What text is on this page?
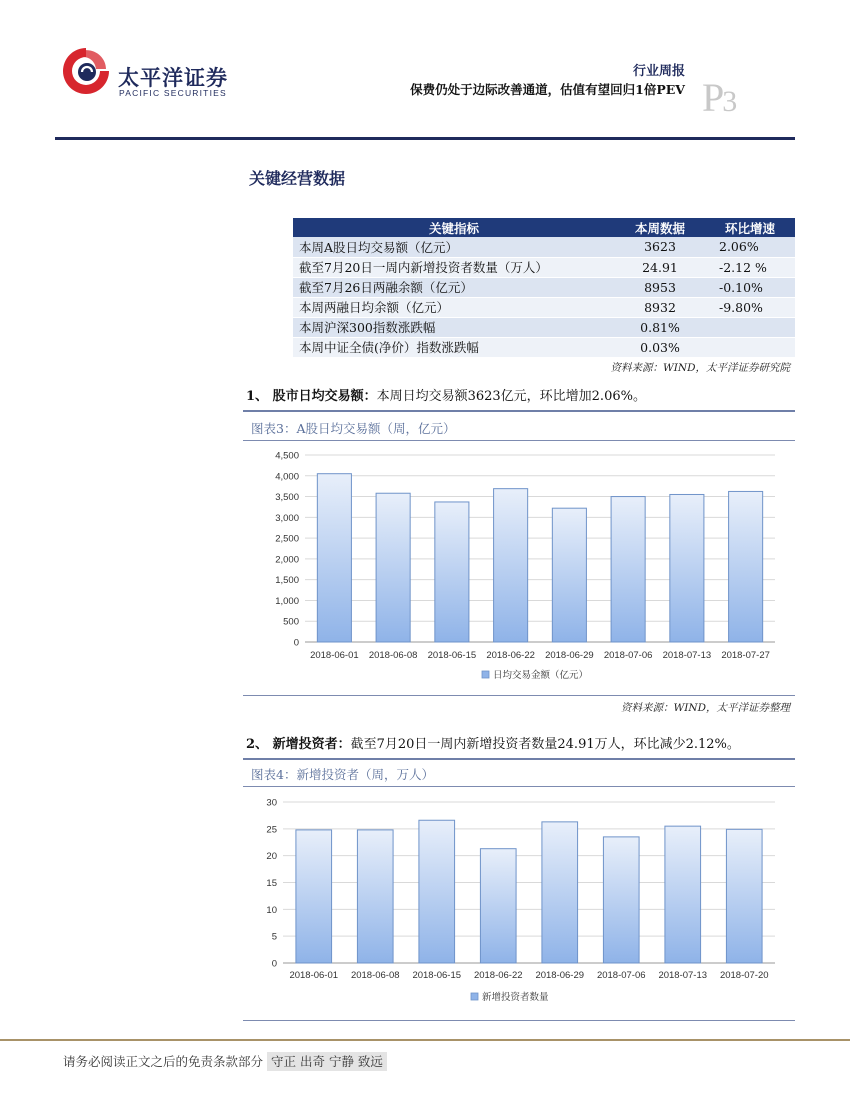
太平洋证券
PACIFIC SECURITIES
行业周报
保费仍处于边际改善通道，估值有望回归1倍PEV P3
关键经营数据
关键指标	本周数据	环比增速
本周A股日均交易额（亿元）	3623	2.06%
截至7月20日一周内新增投资者数量（万人）	24.91	-2.12 %
截至7月26日两融余额（亿元）	8953	-0.10%
本周两融日均余额（亿元）	8932	-9.80%
本周沪深300指数涨跌幅	0.81%	
本周中证全债(净价）指数涨跌幅	0.03%	
资料来源：WIND，太平洋证券研究院
1、 股市日均交易额：本周日均交易额3623亿元，环比增加2.06%。
图表3：A股日均交易额（周，亿元）
0
500
1,000
1,500
2,000
2,500
3,000
3,500
4,000
4,500
2018-06-01 2018-06-08 2018-06-15 2018-06-22 2018-06-29 2018-07-06 2018-07-13 2018-07-27
日均交易金额（亿元）
资料来源：WIND，太平洋证券整理
2、 新增投资者：截至7月20日一周内新增投资者数量24.91万人，环比减少2.12%。
图表4：新增投资者（周，万人）
0
5
10
15
20
25
30
2018-06-01 2018-06-08 2018-06-15 2018-06-22 2018-06-29 2018-07-06 2018-07-13 2018-07-20
新增投资者数量
请务必阅读正文之后的免责条款部分 守正 出奇 宁静 致远
